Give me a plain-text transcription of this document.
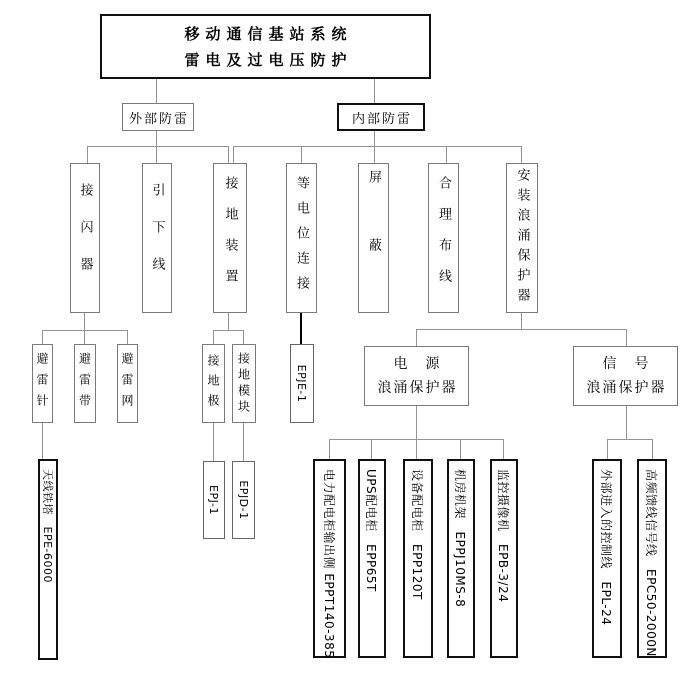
移动通信基站系统
雷电及过电压防护
外部防雷	内部防雷
接闪器	引下线	接地装置	等电位连接	屏蔽	合理布线	安装浪涌保护器
避雷针 避雷带 避雷网	接地极 接地模块	EPJE-1
电　源
浪涌保护器
信　号
浪涌保护器
天线铁塔　EPE-6000	EPJ-1	EPJD-1	电力配电柜输出侧 EPPT140-385	UPS配电柜　EPP65T	设备配电柜　EPP120T	机房机架　EPPJ10MS-8	监控摄像机　EPB-3/24	外部进入的控制线　EPL-24	高频馈线信号线　EPC50-2000N
